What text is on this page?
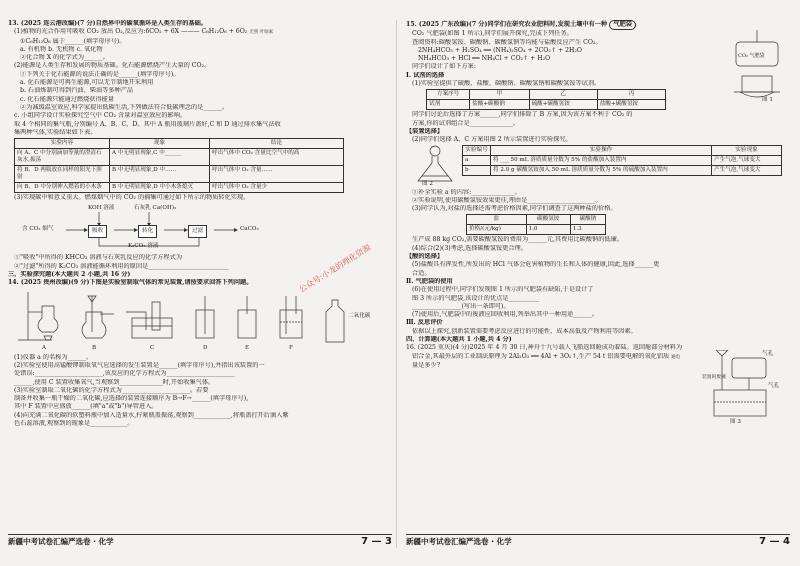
13. (2025 连云港改编)(7 分)自然界中的碳氧循环是人类生存的基础。

(1)植物的光合作用可吸收 CO₂ 放出 O₂,反应为:6CO₂ + 6X ——— C₆H₁₂O₆ + 6O₂ 光照 叶绿素

①C₆H₁₂O₆ 属于______(填字母序号)。

a. 有机物 b. 无机物 c. 氧化物

②化合物 X 的化学式为______。

(2)能源是人类生存和发展的物质基础。化石能源燃烧产生大量的 CO₂。

①下列关于化石能源的说法正确的是______(填字母序号)。

a. 化石能源是可再生能源,可以无节制地开采利用

b. 石油炼制可得到汽油、柴油等多种产品

c. 化石能源只能通过燃烧获得能量

②为减缓温室效应,科学家提出低碳生活,下列做法符合低碳理念的是______。

c. 小组同学设计实验探究空气中 CO₂ 含量对温室效应的影响。

取 4 个相同的集气瓶,分别编号 A、B、C、D。其中 A 瓶用玻璃片盖好,C 和 D 通过排水集气法收

集两种气体,实验结果如下表。

实验内容	现象	结论
向 A、C 中分别滴加等量的澄清石灰水,振荡	A 中无明显现象,C 中______	呼出气体中 CO₂ 含量比空气中的高
将 B、D 两瓶放在同样的阳光下照射	B 中无明显现象,D 中……	呼出气体中 O₂ 含量……
向 B、D 中分别伸入燃着的小木条	B 中无明显现象,D 中小木条熄灭	呼出气体中 O₂ 含量少

(3)实现碳中和意义重大。燃煤烟气中的 CO₂ 的捕集可通过如下所示的物质转化实现。

KOH 溶液	石灰乳 Ca(OH)₂
含 CO₂ 烟气	吸收	转化	过滤	CaCO₃
K₂CO₃ 溶液

①"吸收"中所得的 KHCO₃ 溶液与石灰乳反应的化学方程式为

②"过滤"所得的 K₂CO₃ 溶液能循环利用的原因是__________________________

三、实验探究题(本大题共 2 小题,共 16 分)

14. (2025 贵州改编)(9 分)下图是实验室制取气体的常见装置,请按要求回答下列问题。

A	B	C	D	E	F
二氧化碳

(1)仪器 a 的名称为______。

(2)实验室使用高锰酸钾制取氧气应选择的发生装置是______(填字母序号),并指出该装置的一

处错误:______________________,该反应的化学方程式为______________________

______,使用 C 装置收集氧气,当观察到______________时,开始收集气体。

(3)实验室制取二氧化碳的化学方程式为______________________。若要

制备并收集一瓶干燥的二氧化碳,应选择的装置连接顺序为 B→F→______(填字母序号),

其中 F 装置中应盛放______(填"a"或"b")导管进入。

(4)向充满二氧化碳的软塑料瓶中加入适量水,拧紧瓶盖振荡,观察到____________,将瓶盖打开后滴入紫

色石蕊溶液,观察到的现象是____________。

新疆中考试卷汇编严选卷 · 化学	7 — 3

15. (2025 广东改编)(7 分)同学们在研究农业肥料时,发现土壤中有一种 气肥袋

CO₂ 气肥袋(如图 1 所示),同学们展开探究,完成下列任务。

查阅资料:碳酸氢铵、碳酸钠、碳酸氢钠等均能与盐酸反应产生 CO₂。

2NH₄HCO₃ + H₂SO₄ ══ (NH₄)₂SO₄ + 2CO₂↑ + 2H₂O

NH₄HCO₃ + HCl ══ NH₄Cl + CO₂↑ + H₂O

同学们设计了如下方案:

Ⅰ. 试剂的选择

(1)实验室提供了硫酸、盐酸、碳酸钠、碳酸氢钠和碳酸氢铵等试剂。

方案序号	甲	乙	丙
试剂	盐酸+碳酸钠	硫酸+碳酸氢铵	盐酸+碳酸氢铵

同学们讨论后选择了方案______,同学们排除了 B 方案,因为该方案不利于 CO₂ 的

方案,你的试剂组合是______________。

【装置选择】

(2)同学们选择 A、C 方案用图 2 所示装置进行实验探究。

图 2
实验编号	实验操作	实验现象
a	将 ___ 50 mL 溶质质量分数为 5% 的盐酸加入装置内	产生气泡,气球变大
b	将 2.0 g 碳酸氢铵加入 50 mL 溶质质量分数为 5% 的硫酸加入装置内	产生气泡,气球变大

①补全实验 a 的内容:______________。

②实验说明,使用碳酸氢铵效果更佳,理由是______________________。

(3)同学认为,对盐的选择还需考虑价格因素,同学们调查了这两种盐的价格。

盐	碳酸氢铵	碳酸钠
价格/(元/kg)	1.0	1.3

生产成 88 kg CO₂,需要碳酸氢铵的费用为______元,其费用比碳酸钠的低廉。

(4)综合(2)(3)考虑,选择碳酸氢铵更合理。

【酸的选择】

(5)盐酸具有挥发性,所发出的 HCl 气体会危害植物的生长和人体的健康,因此,选择______更

合适。

Ⅱ. 气肥袋的使用

(6)在使用过程中,同学们发现图 1 所示的气肥袋有缺陷,于是设计了

图 3 所示的气肥袋,该设计的优点是__________

________________(写出一条即可)。

(7)使用后,气肥袋中的废液应回收利用,列举出其中一种用途______。

Ⅲ. 反思评价

依据以上探究,创新装置需要考虑反应进行的可能性、成本高低及产物利用等因素。

四、计算题(本大题共 1 小题,共 4 分)

16. (2025 重庆)(4 分)2025 年 4 月 30 日,神舟十九号载人飞船返回舱成功着陆。返回舱部分材料为

铝合金,其最外层的工业制法原理为 2Al₂O₃ ══ 4Al + 3O₂↑,生产 54 t 铝需要电解的氧化铝质 通电

量是多少?

CO₂ 气肥袋
图 1
气孔
气孔
装置的废液
图 3
新疆中考试卷汇编严选卷 · 化学	7 — 4
公众号:小龙的理化资源
